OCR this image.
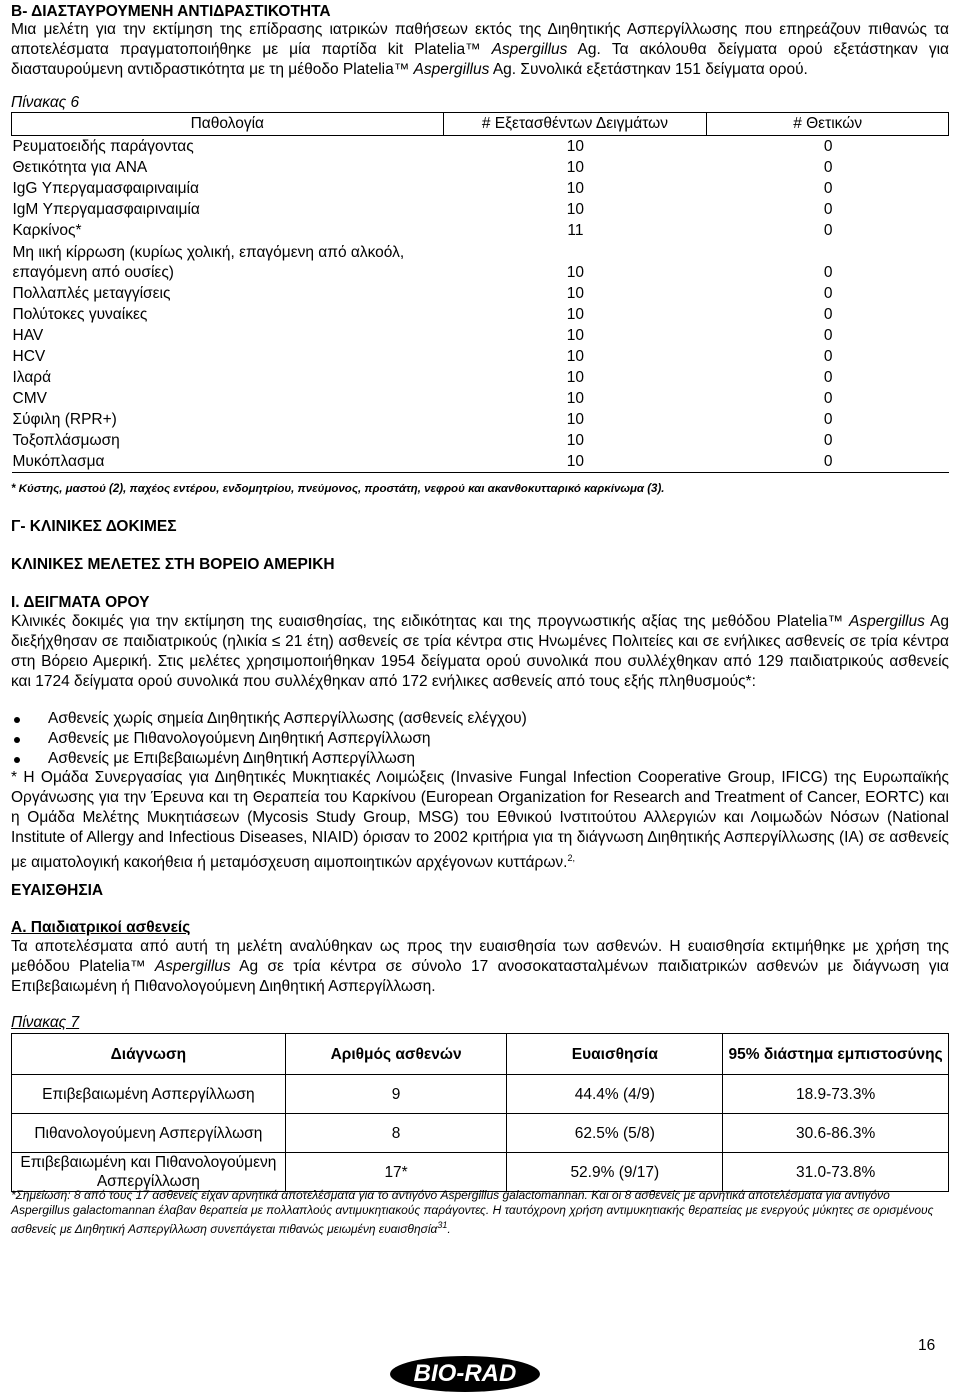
Β- ΔΙΑΣΤΑΥΡΟΥΜΕΝΗ ΑΝΤΙΔΡΑΣΤΙΚΟΤΗΤΑ
Μια μελέτη για την εκτίμηση της επίδρασης ιατρικών παθήσεων εκτός της Διηθητικής Ασπεργίλλωσης που επηρεάζουν πιθανώς τα αποτελέσματα πραγματοποιήθηκε με μία παρτίδα kit Platelia™ Aspergillus Ag. Τα ακόλουθα δείγματα ορού εξετάστηκαν για διασταυρούμενη αντιδραστικότητα με τη μέθοδο Platelia™ Aspergillus Ag. Συνολικά εξετάστηκαν 151 δείγματα ορού.
Πίνακας 6
Παθολογία	# Εξετασθέντων Δειγμάτων	# Θετικών
Ρευματοειδής παράγοντας	10	0
Θετικότητα για ANA	10	0
IgG Υπεργαμασφαιριναιμία	10	0
IgM Υπεργαμασφαιριναιμία	10	0
Καρκίνος*	11	0
Μη ιική κίρρωση (κυρίως χολική, επαγόμενη από αλκοόλ, επαγόμενη από ουσίες)	10	0
Πολλαπλές μεταγγίσεις	10	0
Πολύτοκες γυναίκες	10	0
HAV	10	0
HCV	10	0
Ιλαρά	10	0
CMV	10	0
Σύφιλη (RPR+)	10	0
Τοξοπλάσμωση	10	0
Μυκόπλασμα	10	0
* Κύστης, μαστού (2), παχέος εντέρου, ενδομητρίου, πνεύμονος, προστάτη, νεφρού και ακανθοκυτταρικό καρκίνωμα (3).
Γ- ΚΛΙΝΙΚΕΣ ΔΟΚΙΜΕΣ
ΚΛΙΝΙΚΕΣ ΜΕΛΕΤΕΣ ΣΤΗ ΒΟΡΕΙΟ ΑΜΕΡΙΚΗ
Ι. ΔΕΙΓΜΑΤΑ ΟΡΟΥ
Κλινικές δοκιμές για την εκτίμηση της ευαισθησίας, της ειδικότητας και της προγνωστικής αξίας της μεθόδου Platelia™ Aspergillus Ag διεξήχθησαν σε παιδιατρικούς (ηλικία ≤ 21 έτη) ασθενείς σε τρία κέντρα στις Ηνωμένες Πολιτείες και σε ενήλικες ασθενείς σε τρία κέντρα στη Βόρειο Αμερική. Στις μελέτες χρησιμοποιήθηκαν 1954 δείγματα ορού συνολικά που συλλέχθηκαν από 129 παιδιατρικούς ασθενείς και 1724 δείγματα ορού συνολικά που συλλέχθηκαν από 172 ενήλικες ασθενείς από τους εξής πληθυσμούς*:
Ασθενείς χωρίς σημεία Διηθητικής Ασπεργίλλωσης (ασθενείς ελέγχου)
Ασθενείς με Πιθανολογούμενη Διηθητική Ασπεργίλλωση
Ασθενείς με Επιβεβαιωμένη Διηθητική Ασπεργίλλωση
* Η Ομάδα Συνεργασίας για Διηθητικές Μυκητιακές Λοιμώξεις (Invasive Fungal Infection Cooperative Group, IFICG) της Ευρωπαϊκής Οργάνωσης για την Έρευνα και τη Θεραπεία του Καρκίνου (European Organization for Research and Treatment of Cancer, EORTC) και η Ομάδα Μελέτης Μυκητιάσεων (Mycosis Study Group, MSG) του Εθνικού Ινστιτούτου Αλλεργιών και Λοιμωδών Νόσων (National Institute of Allergy and Infectious Diseases, NIAID) όρισαν το 2002 κριτήρια για τη διάγνωση Διηθητικής Ασπεργίλλωσης (ΙΑ) σε ασθενείς με αιματολογική κακοήθεια ή μεταμόσχευση αιμοποιητικών αρχέγονων κυττάρων.$^{2,}$
ΕΥΑΙΣΘΗΣΙΑ
Α. Παιδιατρικοί ασθενείς
Τα αποτελέσματα από αυτή τη μελέτη αναλύθηκαν ως προς την ευαισθησία των ασθενών. Η ευαισθησία εκτιμήθηκε με χρήση της μεθόδου Platelia™ Aspergillus Ag σε τρία κέντρα σε σύνολο 17 ανοσοκατασταλμένων παιδιατρικών ασθενών με διάγνωση για Επιβεβαιωμένη ή Πιθανολογούμενη Διηθητική Ασπεργίλλωση.
Πίνακας 7
Διάγνωση	Αριθμός ασθενών	Ευαισθησία	95% διάστημα εμπιστοσύνης
Επιβεβαιωμένη Ασπεργίλλωση	9	44.4% (4/9)	18.9-73.3%
Πιθανολογούμενη Ασπεργίλλωση	8	62.5% (5/8)	30.6-86.3%
Επιβεβαιωμένη και Πιθανολογούμενη Ασπεργίλλωση	17*	52.9% (9/17)	31.0-73.8%
*Σημείωση: 8 από τους 17 ασθενείς είχαν αρνητικά αποτελέσματα για το αντιγόνο Aspergillus galactomannan. Και οι 8 ασθενείς με αρνητικά αποτελέσματα για αντιγόνο Aspergillus galactomannan έλαβαν θεραπεία με πολλαπλούς αντιμυκητιακούς παράγοντες. Η ταυτόχρονη χρήση αντιμυκητιακής θεραπείας με ενεργούς μύκητες σε ορισμένους ασθενείς με Διηθητική Ασπεργίλλωση συνεπάγεται πιθανώς μειωμένη ευαισθησία$^{31}$.
16
BIO-RAD
